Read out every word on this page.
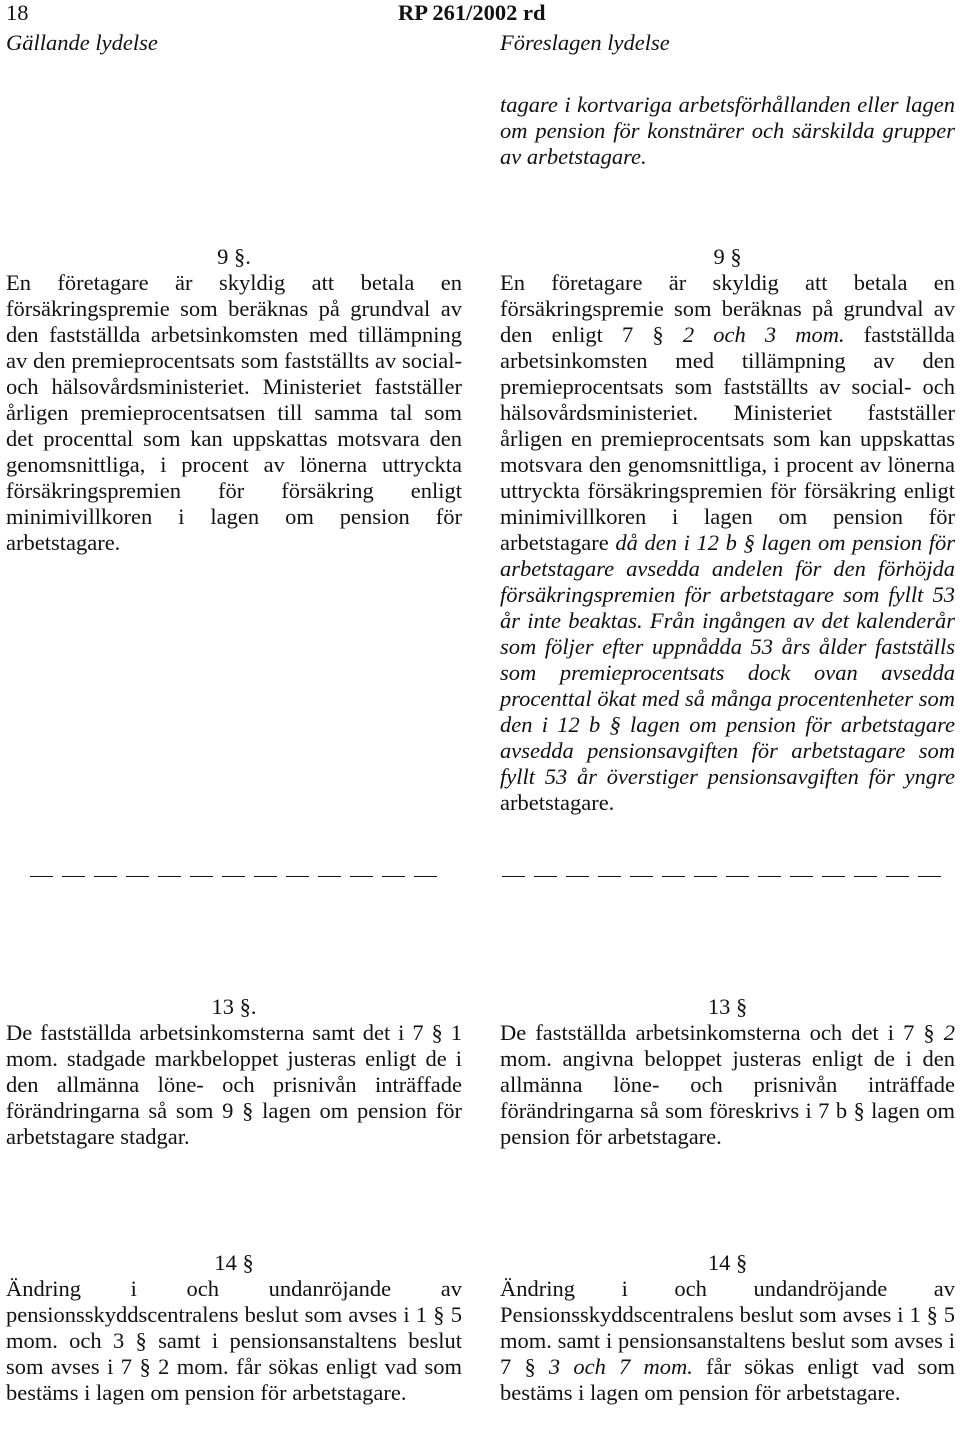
18	RP 261/2002 rd
Gällande lydelse	Föreslagen lydelse
tagare i kortvariga arbetsförhållanden eller lagen om pension för konstnärer och särskilda grupper av arbetstagare.
9 §.
En företagare är skyldig att betala en försäkringspremie som beräknas på grundval av den fastställda arbetsinkomsten med tillämpning av den premieprocentsats som fastställts av social- och hälsovårdsministeriet. Ministeriet fastställer årligen premieprocentsatsen till samma tal som det procenttal som kan uppskattas motsvara den genomsnittliga, i procent av lönerna uttryckta försäkringspremien för försäkring enligt minimivillkoren i lagen om pension för arbetstagare.
9 §
En företagare är skyldig att betala en försäkringspremie som beräknas på grundval av den enligt 7 § 2 och 3 mom. fastställda arbetsinkomsten med tillämpning av den premieprocentsats som fastställts av social- och hälsovårdsministeriet. Ministeriet fastställer årligen en premieprocentsats som kan uppskattas motsvara den genomsnittliga, i procent av lönerna uttryckta försäkringspremien för försäkring enligt minimivillkoren i lagen om pension för arbetstagare då den i 12 b § lagen om pension för arbetstagare avsedda andelen för den förhöjda försäkringspremien för arbetstagare som fyllt 53 år inte beaktas. Från ingången av det kalenderår som följer efter uppnådda 53 års ålder fastställs som premieprocentsats dock ovan avsedda procenttal ökat med så många procentenheter som den i 12 b § lagen om pension för arbetstagare avsedda pensionsavgiften för arbetstagare som fyllt 53 år överstiger pensionsavgiften för yngre arbetstagare.
13 §.
De fastställda arbetsinkomsterna samt det i 7 § 1 mom. stadgade markbeloppet justeras enligt de i den allmänna löne- och prisnivån inträffade förändringarna så som 9 § lagen om pension för arbetstagare stadgar.
13 §
De fastställda arbetsinkomsterna och det i 7 § 2 mom. angivna beloppet justeras enligt de i den allmänna löne- och prisnivån inträffade förändringarna så som föreskrivs i 7 b § lagen om pension för arbetstagare.
14 §
Ändring i och undanröjande av pensionsskyddscentralens beslut som avses i 1 § 5 mom. och 3 § samt i pensionsanstaltens beslut som avses i 7 § 2 mom. får sökas enligt vad som bestäms i lagen om pension för arbetstagare.
14 §
Ändring i och undandröjande av Pensionsskyddscentralens beslut som avses i 1 § 5 mom. samt i pensionsanstaltens beslut som avses i 7 § 3 och 7 mom. får sökas enligt vad som bestäms i lagen om pension för arbetstagare.
